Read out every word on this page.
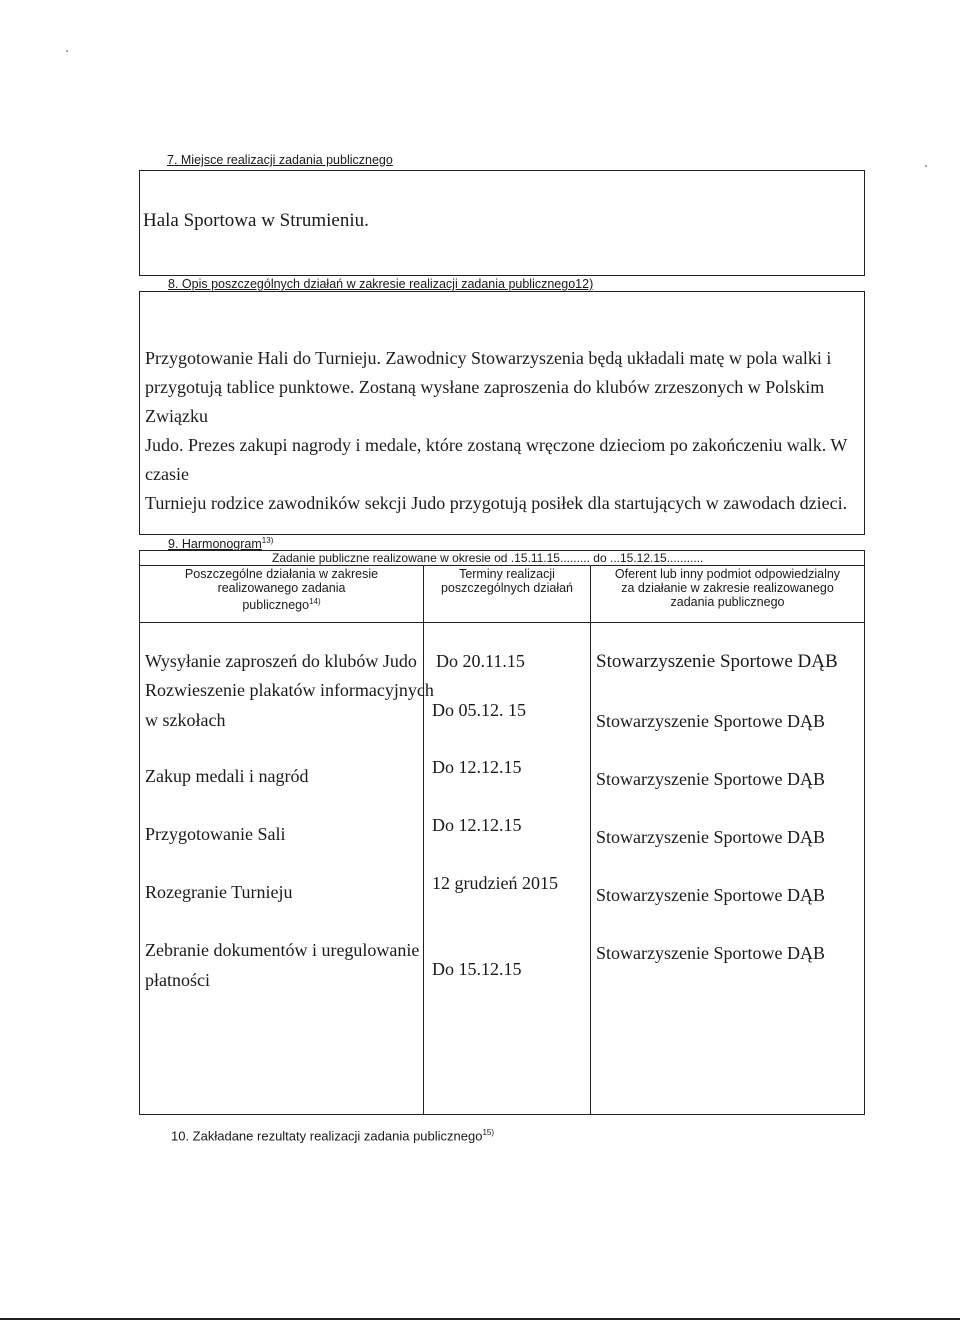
7. Miejsce realizacji zadania publicznego
Hala Sportowa w Strumieniu.
8. Opis poszczególnych działań w zakresie realizacji zadania publicznego12)
Przygotowanie Hali do Turnieju. Zawodnicy Stowarzyszenia będą układali matę w pola walki i
przygotują tablice punktowe. Zostaną wysłane zaproszenia do klubów zrzeszonych w Polskim Związku
Judo. Prezes zakupi nagrody i medale, które zostaną wręczone dzieciom po zakończeniu walk. W czasie
Turnieju rodzice zawodników sekcji Judo przygotują posiłek dla startujących w zawodach dzieci.
9. Harmonogram$^{13)}$
Zadanie publiczne realizowane w okresie od .15.11.15......... do ...15.12.15...........
Poszczególne działania w zakresie
realizowanego zadania
publicznego$^{14)}$
Terminy realizacji
poszczególnych działań
Oferent lub inny podmiot odpowiedzialny
za działanie w zakresie realizowanego
zadania publicznego
Wysyłanie zaproszeń do klubów Judo Do 20.11.15	Stowarzyszenie Sportowe DĄB
Rozwieszenie plakatów informacyjnych
w szkołach	Do 05.12. 15
Stowarzyszenie Sportowe DĄB
Zakup medali i nagród	Do 12.12.15
Stowarzyszenie Sportowe DĄB
Przygotowanie Sali	Do 12.12.15
Stowarzyszenie Sportowe DĄB
Rozegranie Turnieju	12 grudzień 2015
Stowarzyszenie Sportowe DĄB
Zebranie dokumentów i uregulowanie
płatności
Do 15.12.15
Stowarzyszenie Sportowe DĄB
10. Zakładane rezultaty realizacji zadania publicznego$^{15)}$
